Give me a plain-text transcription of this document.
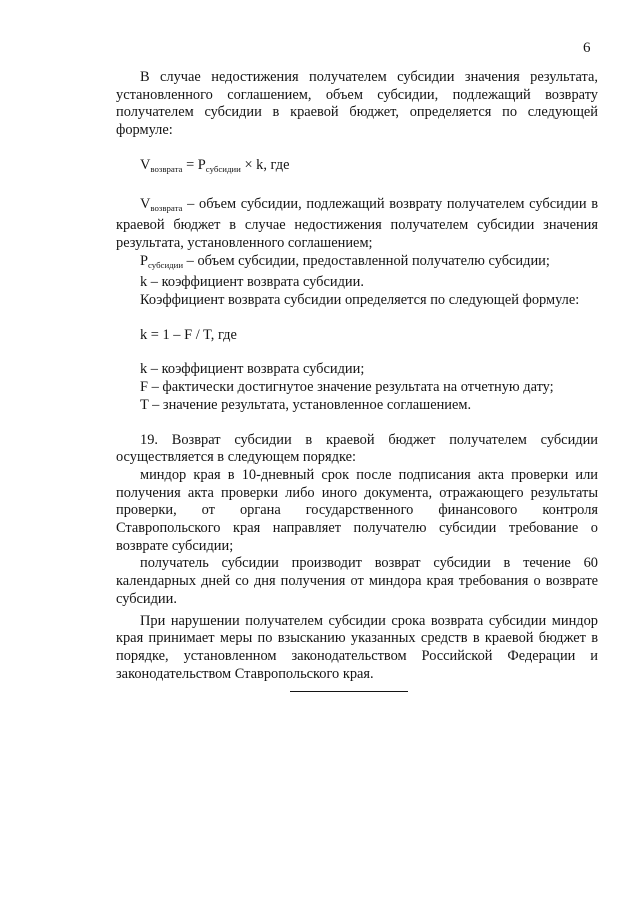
6

В случае недостижения получателем субсидии значения результата, установленного соглашением, объем субсидии, подлежащий возврату получателем субсидии в краевой бюджет, определяется по следующей формуле:

$V_{возврата} = P_{субсидии} \times k$, где

$V_{возврата}$ – объем субсидии, подлежащий возврату получателем субсидии в краевой бюджет в случае недостижения получателем субсидии значения результата, установленного соглашением;

$P_{субсидии}$ – объем субсидии, предоставленной получателю субсидии;

k – коэффициент возврата субсидии.

Коэффициент возврата субсидии определяется по следующей формуле:

k = 1 – F / T, где

k – коэффициент возврата субсидии;

F – фактически достигнутое значение результата на отчетную дату;

T – значение результата, установленное соглашением.

19. Возврат субсидии в краевой бюджет получателем субсидии осуществляется в следующем порядке:

миндор края в 10-дневный срок после подписания акта проверки или получения акта проверки либо иного документа, отражающего результаты проверки, от органа государственного финансового контроля Ставропольского края направляет получателю субсидии требование о возврате субсидии;

получатель субсидии производит возврат субсидии в течение 60 календарных дней со дня получения от миндора края требования о возврате субсидии.

При нарушении получателем субсидии срока возврата субсидии миндор края принимает меры по взысканию указанных средств в краевой бюджет в порядке, установленном законодательством Российской Федерации и законодательством Ставропольского края.
